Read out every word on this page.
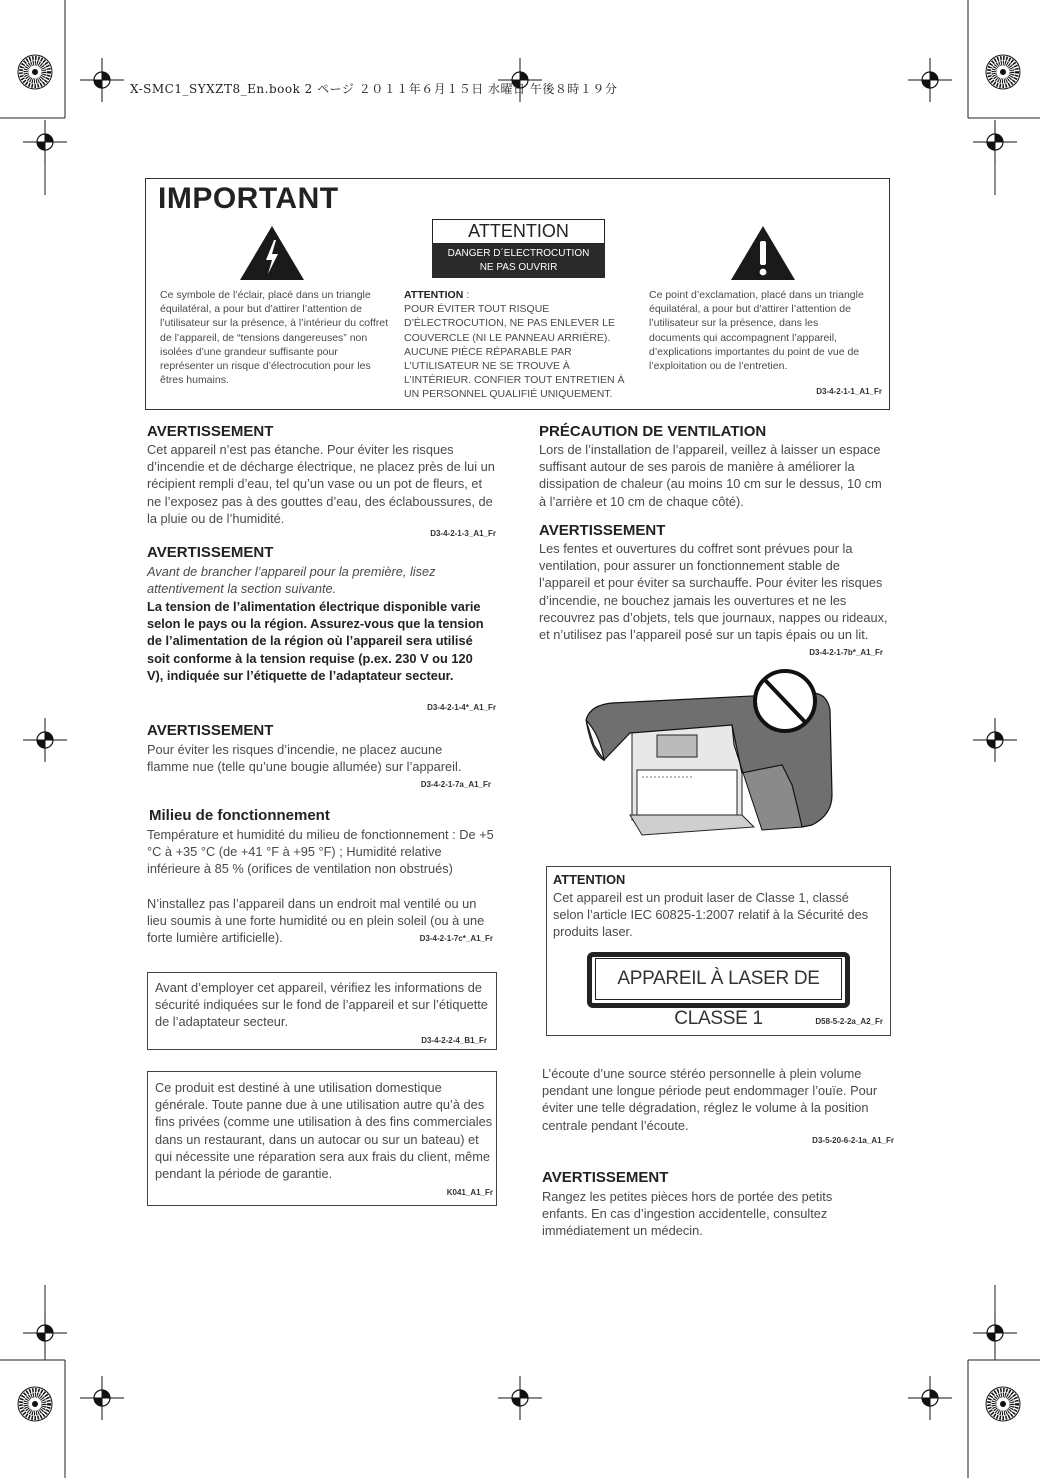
X-SMC1_SYXZT8_En.book 2 ページ ２０１１年６月１５日 水曜日 午後８時１９分
IMPORTANT
ATTENTION
DANGER D´ELECTROCUTION
NE PAS OUVRIR
Ce symbole de l’éclair, placé dans un triangle équilatéral, a pour but d’attirer l’attention de l’utilisateur sur la présence, à l’intérieur du coffret de l’appareil, de “tensions dangereuses” non isolées d’une grandeur suffisante pour représenter un risque d’électrocution pour les êtres humains.
ATTENTION :
POUR ÉVITER TOUT RISQUE D’ÉLECTROCUTION, NE PAS ENLEVER LE COUVERCLE (NI LE PANNEAU ARRIÈRE). AUCUNE PIÈCE RÉPARABLE PAR L’UTILISATEUR NE SE TROUVE À L’INTÉRIEUR. CONFIER TOUT ENTRETIEN À UN PERSONNEL QUALIFIÉ UNIQUEMENT.
Ce point d’exclamation, placé dans un triangle équilatéral, a pour but d’attirer l’attention de l’utilisateur sur la présence, dans les documents qui accompagnent l’appareil, d’explications importantes du point de vue de l’exploitation ou de l’entretien.
D3-4-2-1-1_A1_Fr
AVERTISSEMENT
Cet appareil n’est pas étanche. Pour éviter les risques d’incendie et de décharge électrique, ne placez près de lui un récipient rempli d’eau, tel qu’un vase ou un pot de fleurs, et ne l’exposez pas à des gouttes d’eau, des éclaboussures, de la pluie ou de l’humidité.
D3-4-2-1-3_A1_Fr
AVERTISSEMENT
Avant de brancher l’appareil pour la première, lisez attentivement la section suivante.
La tension de l’alimentation électrique disponible varie selon le pays ou la région. Assurez-vous que la tension de l’alimentation de la région où l’appareil sera utilisé soit conforme à la tension requise (p.ex. 230 V ou 120 V), indiquée sur l’étiquette de l’adaptateur secteur.
D3-4-2-1-4*_A1_Fr
AVERTISSEMENT
Pour éviter les risques d’incendie, ne placez aucune flamme nue (telle qu’une bougie allumée) sur l’appareil.
D3-4-2-1-7a_A1_Fr
Milieu de fonctionnement
Température et humidité du milieu de fonctionnement : De +5 °C à +35 °C (de +41 °F à +95 °F) ; Humidité relative inférieure à 85 % (orifices de ventilation non obstrués)
N’installez pas l’appareil dans un endroit mal ventilé ou un lieu soumis à une forte humidité ou en plein soleil (ou à une forte lumière artificielle).	D3-4-2-1-7c*_A1_Fr
Avant d’employer cet appareil, vérifiez les informations de sécurité indiquées sur le fond de l’appareil et sur l’étiquette de l’adaptateur secteur.
D3-4-2-2-4_B1_Fr
Ce produit est destiné à une utilisation domestique générale. Toute panne due à une utilisation autre qu’à des fins privées (comme une utilisation à des fins commerciales dans un restaurant, dans un autocar ou sur un bateau) et qui nécessite une réparation sera aux frais du client, même pendant la période de garantie.
K041_A1_Fr
PRÉCAUTION DE VENTILATION
Lors de l’installation de l’appareil, veillez à laisser un espace suffisant autour de ses parois de manière à améliorer la dissipation de chaleur (au moins 10 cm sur le dessus, 10 cm à l’arrière et 10 cm de chaque côté).
AVERTISSEMENT
Les fentes et ouvertures du coffret sont prévues pour la ventilation, pour assurer un fonctionnement stable de l’appareil et pour éviter sa surchauffe. Pour éviter les risques d’incendie, ne bouchez jamais les ouvertures et ne les recouvrez pas d’objets, tels que journaux, nappes ou rideaux, et n’utilisez pas l’appareil posé sur un tapis épais ou un lit.
D3-4-2-1-7b*_A1_Fr
ATTENTION
Cet appareil est un produit laser de Classe 1, classé selon l’article IEC 60825-1:2007 relatif à la Sécurité des produits laser.
APPAREIL À LASER DE CLASSE 1	D58-5-2-2a_A2_Fr
L’écoute d’une source stéréo personnelle à plein volume pendant une longue période peut endommager l’ouïe. Pour éviter une telle dégradation, réglez le volume à la position centrale pendant l’écoute.
D3-5-20-6-2-1a_A1_Fr
AVERTISSEMENT
Rangez les petites pièces hors de portée des petits enfants. En cas d’ingestion accidentelle, consultez immédiatement un médecin.
